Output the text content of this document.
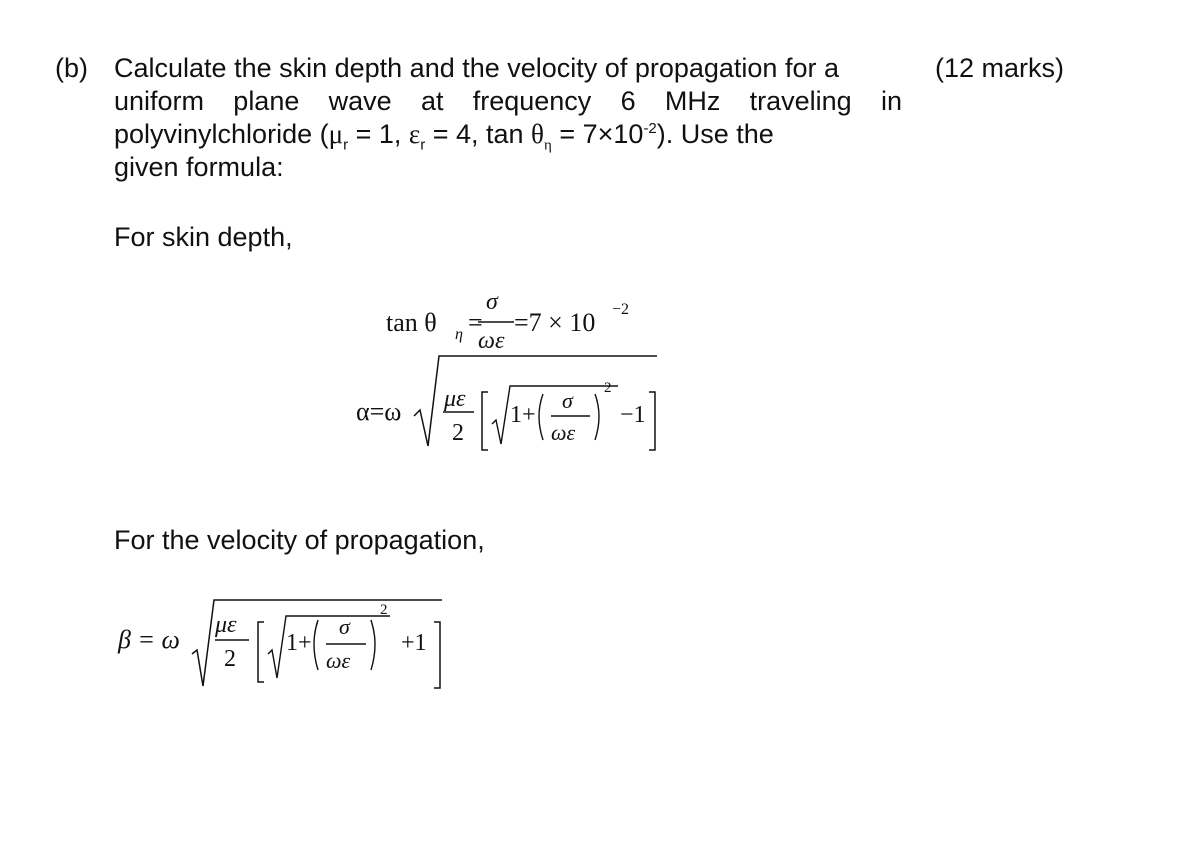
(b) Calculate the skin depth and the velocity of propagation for a
uniform plane wave at frequency 6 MHz traveling in
polyvinylchloride ($\mu_r = 1$, $\varepsilon_r = 4$, $\tan \theta_\eta = 7\times 10^{-2}$). Use the
given formula:
(12 marks)
For skin depth,
tan θ η =
σ
ωε
=7 × 10 −2
α=ω με
2
1+
σ
ωε
2
−1
For the velocity of propagation,
β = ω με
2
1+
σ
ωε
2
+1
